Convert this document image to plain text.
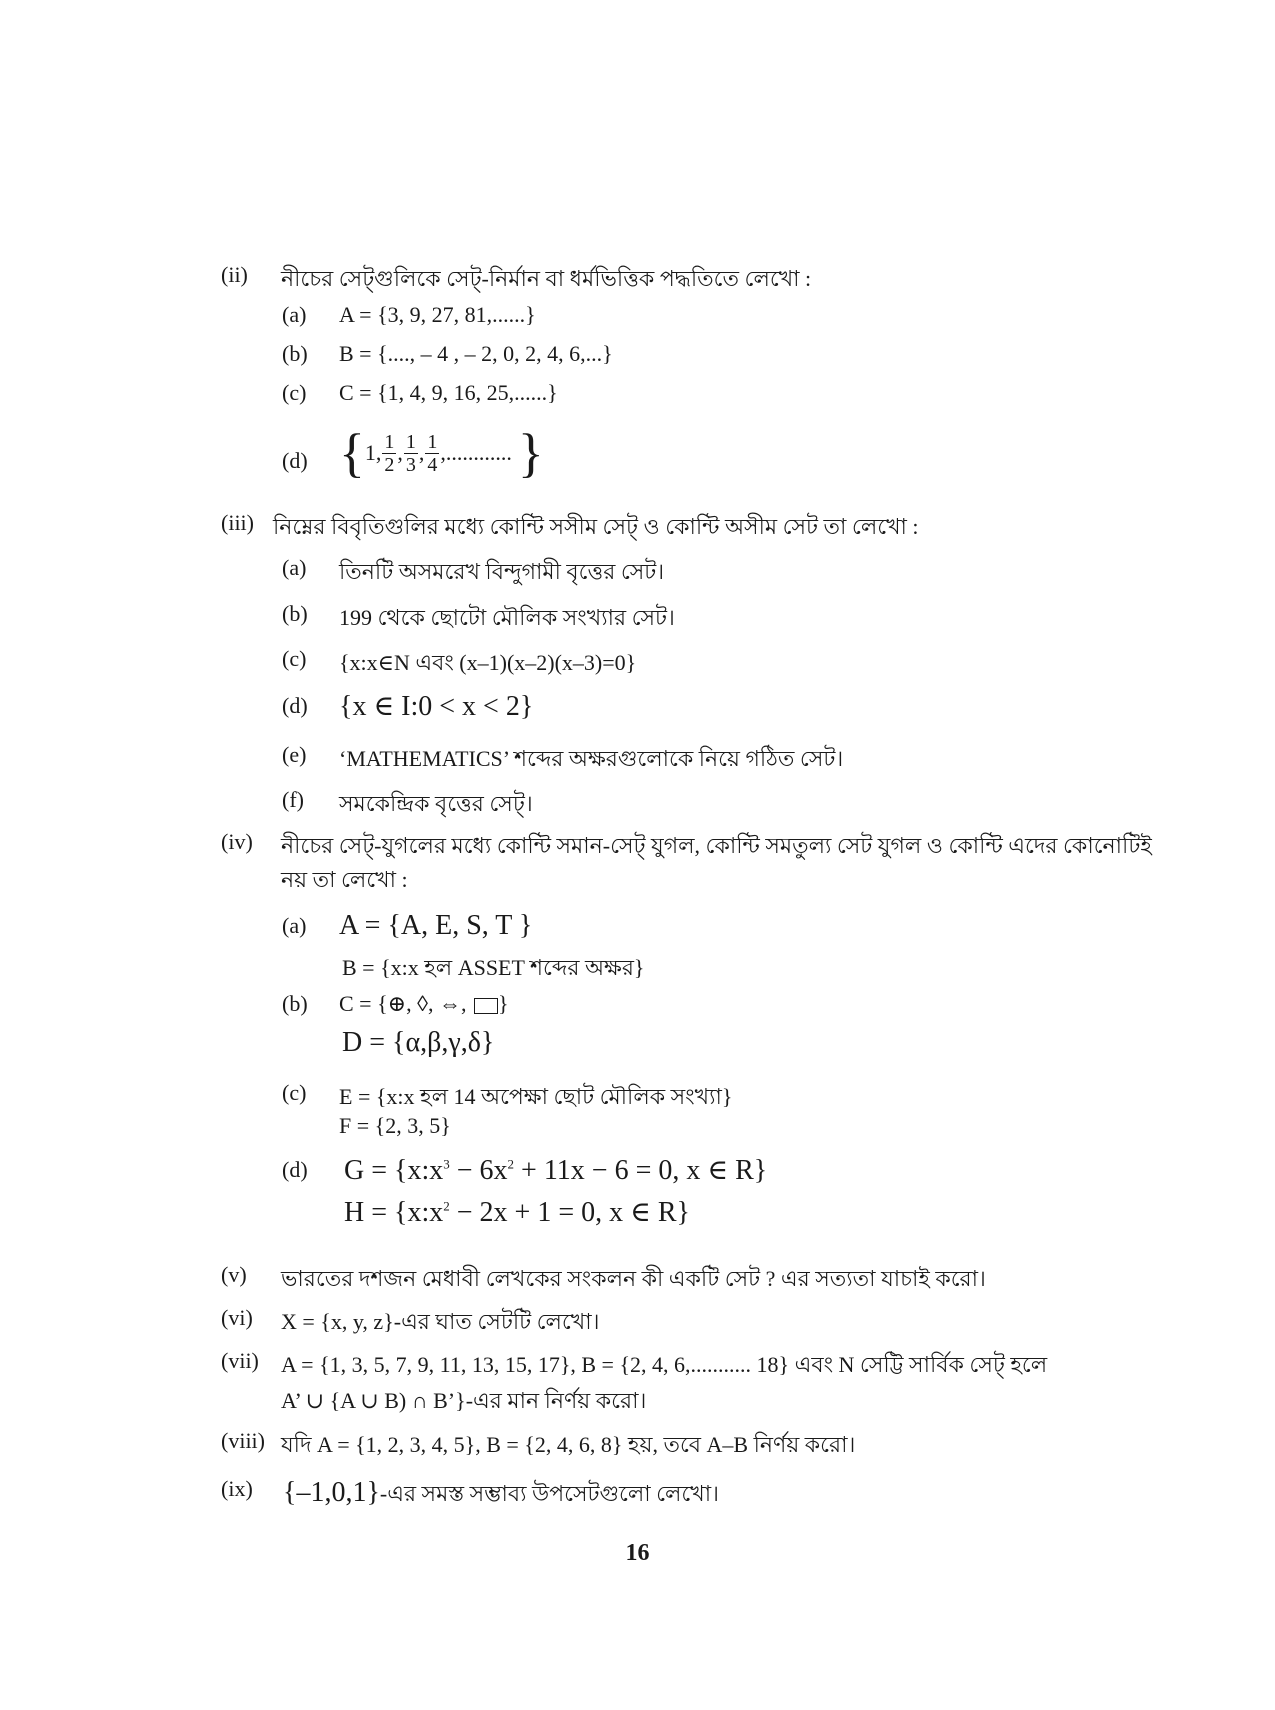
(ii) নীচের সেট্গুলিকে সেট্-নির্মান বা ধর্মভিত্তিক পদ্ধতিতে লেখো :
(a) A = {3, 9, 27, 81,......}
(b) B = {...., – 4 , – 2, 0, 2, 4, 6,...}
(c) C = {1, 4, 9, 16, 25,......}
(d) { 1, $\frac{1}{2}$ , $\frac{1}{3}$ , $\frac{1}{4}$ ,............ }
(iii) নিম্নের বিবৃতিগুলির মধ্যে কোন্টি সসীম সেট্ ও কোন্টি অসীম সেট তা লেখো :
(a) তিনটি অসমরেখ বিন্দুগামী বৃত্তের সেট।
(b) 199 থেকে ছোটো মৌলিক সংখ্যার সেট।
(c) {x:x∈N এবং (x–1)(x–2)(x–3)=0}
(d) {x ∈ I:0 < x < 2}
(e) ‘MATHEMATICS’ শব্দের অক্ষরগুলোকে নিয়ে গঠিত সেট।
(f) সমকেন্দ্রিক বৃত্তের সেট্।
(iv) নীচের সেট্-যুগলের মধ্যে কোন্টি সমান-সেট্ যুগল, কোন্টি সমতুল্য সেট যুগল ও কোন্টি এদের কোনোটিই
নয় তা লেখো :
(a) A = {A, E, S, T }
B = {x:x হল ASSET শব্দের অক্ষর}
(b) C = {⊕, ◊, ⇔, }
D = {α,β,γ,δ}
(c) E = {x:x হল 14 অপেক্ষা ছোট মৌলিক সংখ্যা}
F = {2, 3, 5}
(d) $G = \{x:x^3 - 6x^2 + 11x - 6 = 0$, x ∈ R}
$H = \{x:x^2 - 2x + 1 = 0$, x ∈ R}
(v) ভারতের দশজন মেধাবী লেখকের সংকলন কী একটি সেট ? এর সত্যতা যাচাই করো।
(vi) X = {x, y, z}-এর ঘাত সেটটি লেখো।
(vii) A = {1, 3, 5, 7, 9, 11, 13, 15, 17}, B = {2, 4, 6,........... 18} এবং N সেট্টি সার্বিক সেট্ হলে
A’ ∪ {A ∪ B) ∩ B’}-এর মান নির্ণয় করো।
(viii) যদি A = {1, 2, 3, 4, 5}, B = {2, 4, 6, 8} হয়, তবে A–B নির্ণয় করো।
(ix) {–1,0,1}-এর সমস্ত সম্ভাব্য উপসেটগুলো লেখো।
16
